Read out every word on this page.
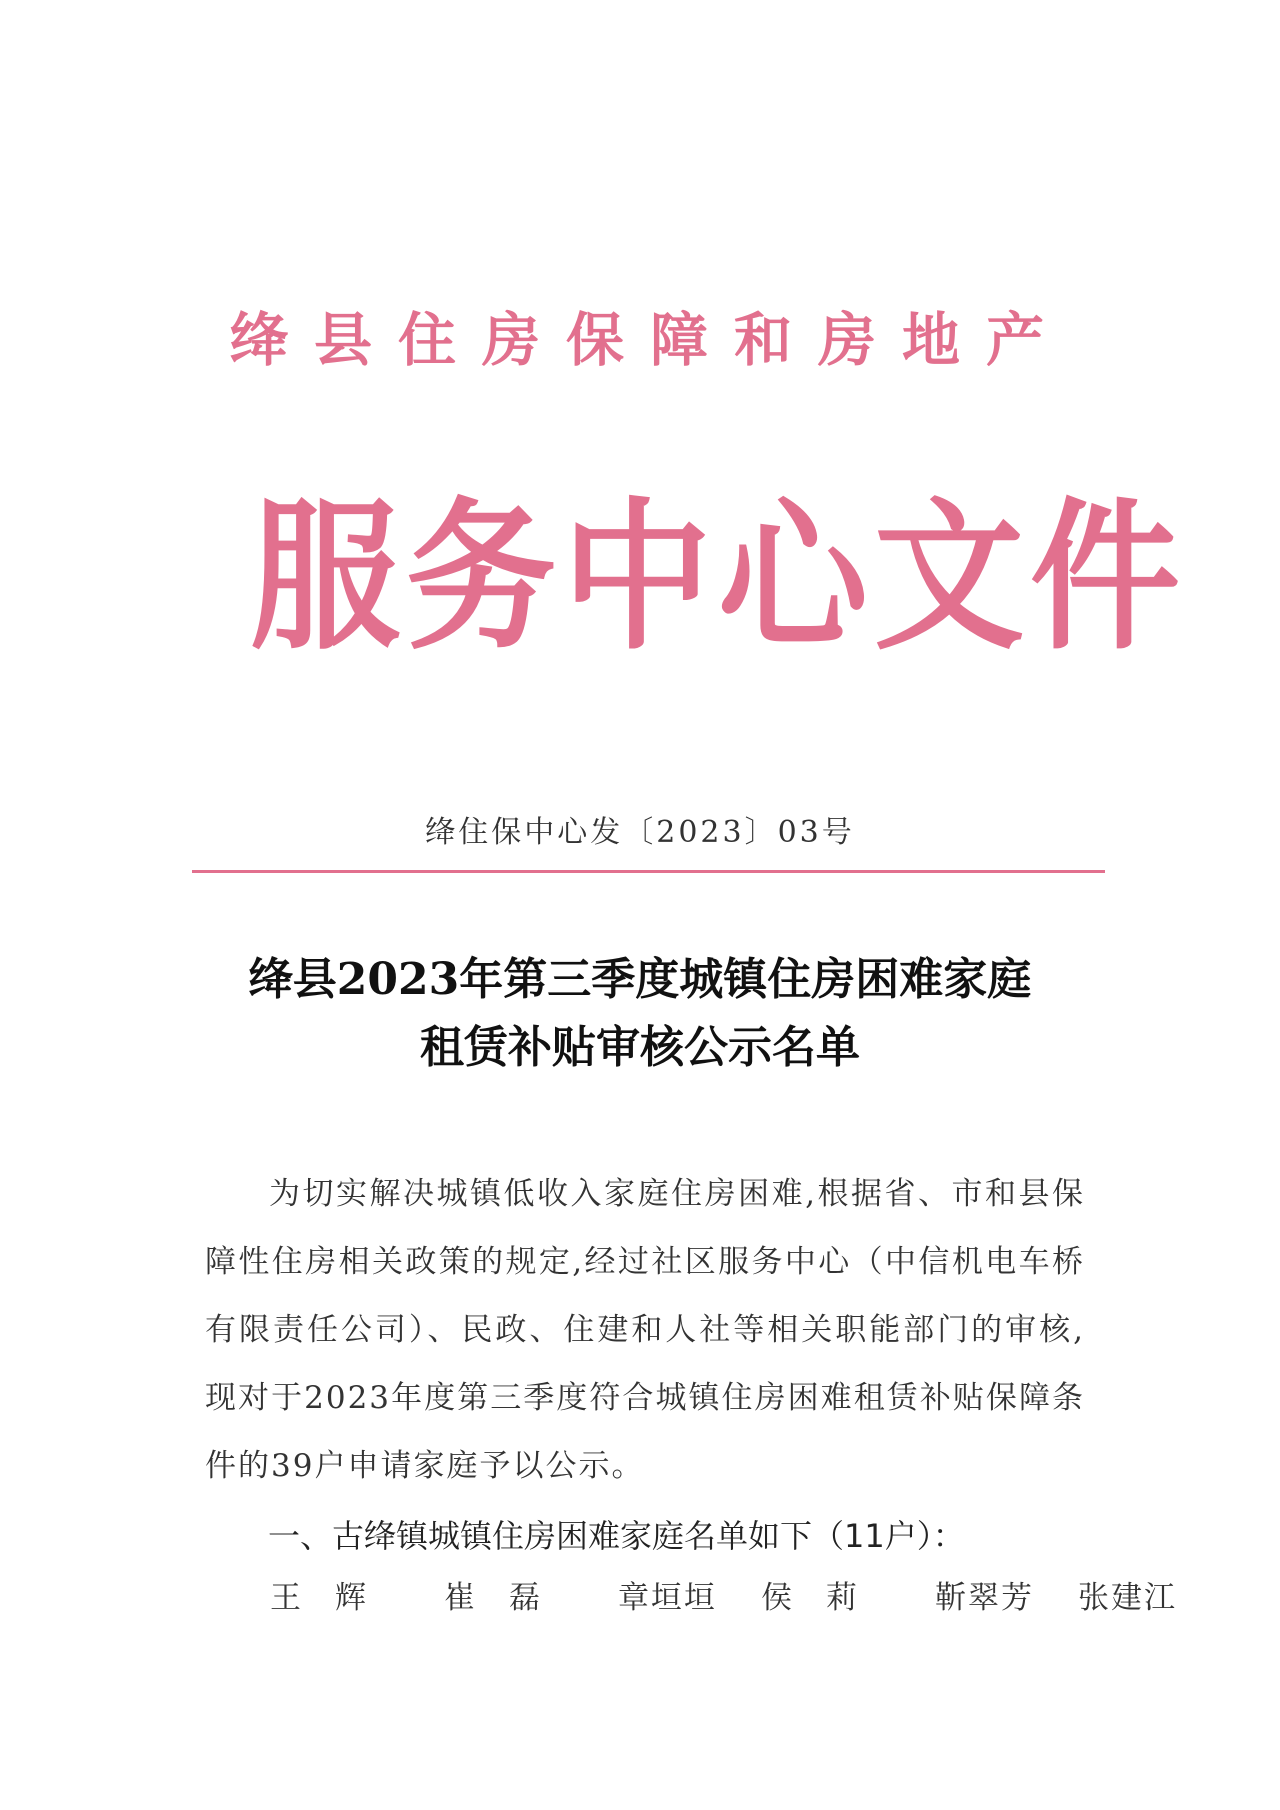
绛县住房保障和房地产
服务中心文件
绛住保中心发〔2023〕03号
绛县2023年第三季度城镇住房困难家庭
租赁补贴审核公示名单
为切实解决城镇低收入家庭住房困难,根据省、市和县保障性住房相关政策的规定,经过社区服务中心（中信机电车桥有限责任公司）、民政、住建和人社等相关职能部门的审核,现对于2023年度第三季度符合城镇住房困难租赁补贴保障条件的39户申请家庭予以公示。
一、古绛镇城镇住房困难家庭名单如下（11户）：
王辉 崔磊 章垣垣 侯莉 靳翠芳 张建江
